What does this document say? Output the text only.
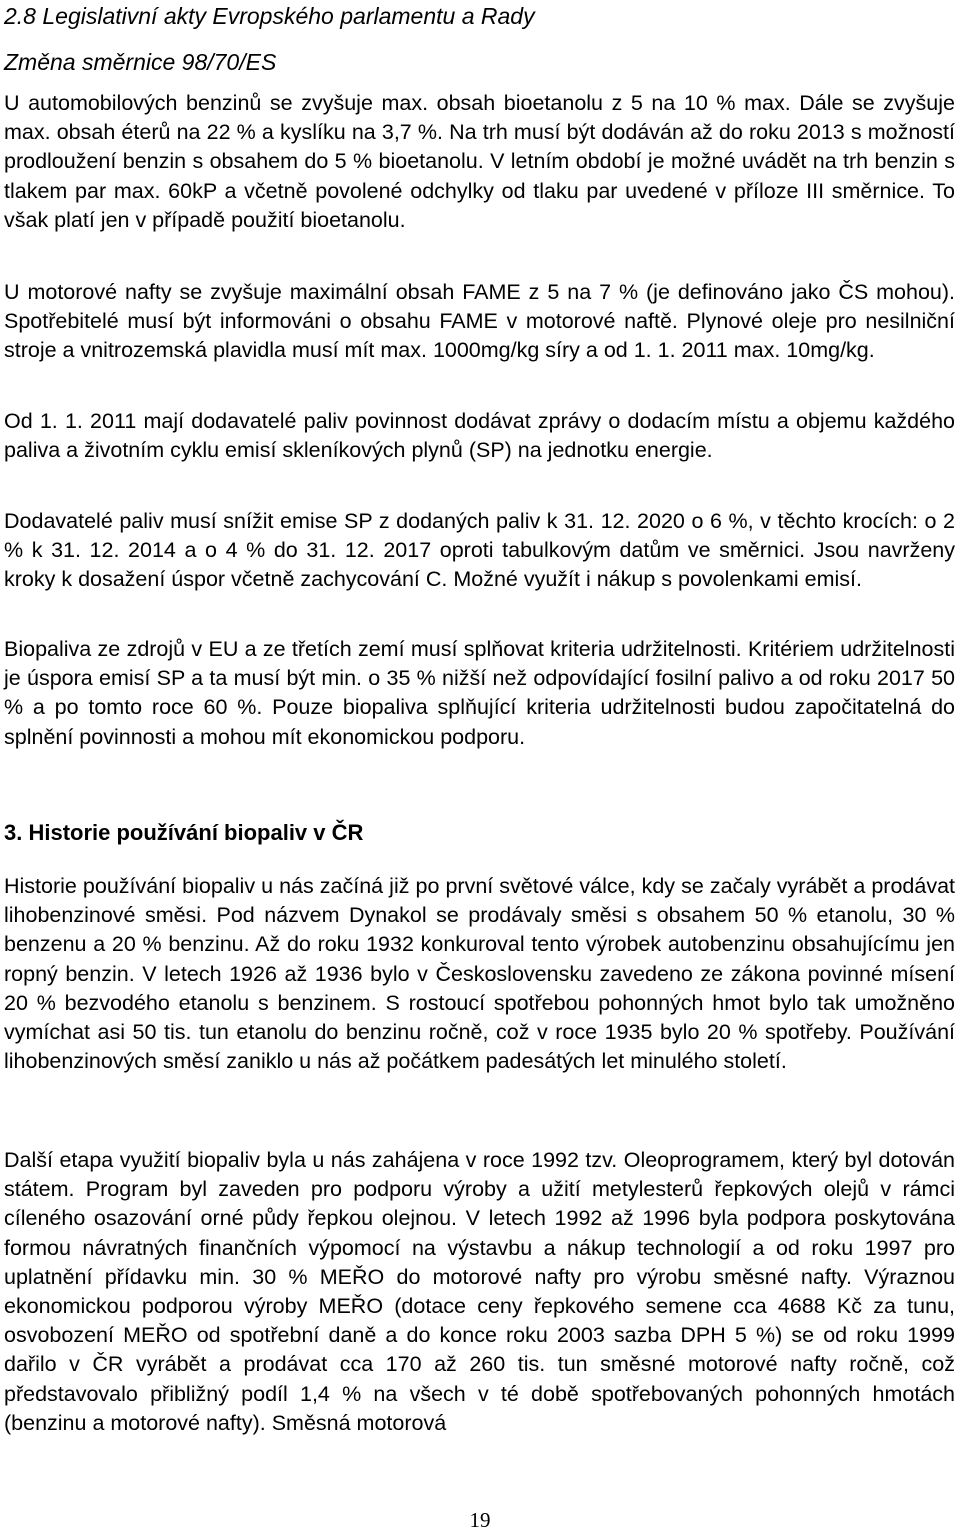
2.8 Legislativní akty Evropského parlamentu a Rady

Změna směrnice 98/70/ES

U automobilových benzinů se zvyšuje max. obsah bioetanolu z 5 na 10 % max. Dále se zvyšuje max. obsah éterů na 22 % a kyslíku na 3,7 %. Na trh musí být dodáván až do roku 2013 s možností prodloužení benzin s obsahem do 5 % bioetanolu. V letním období je možné uvádět na trh benzin s tlakem par max. 60kP a včetně povolené odchylky od tlaku par uvedené v příloze III směrnice. To však platí jen v případě použití bioetanolu.

U motorové nafty se zvyšuje maximální obsah FAME z 5 na 7 % (je definováno jako ČS mohou). Spotřebitelé musí být informováni o obsahu FAME v motorové naftě. Plynové oleje pro nesilniční stroje a vnitrozemská plavidla musí mít max. 1000mg/kg síry a od 1. 1. 2011 max. 10mg/kg.

Od 1. 1. 2011 mají dodavatelé paliv povinnost dodávat zprávy o dodacím místu a objemu každého paliva a životním cyklu emisí skleníkových plynů (SP) na jednotku energie.

Dodavatelé paliv musí snížit emise SP z dodaných paliv k 31. 12. 2020 o 6 %, v těchto krocích: o 2 % k 31. 12. 2014 a o 4 % do 31. 12. 2017 oproti tabulkovým datům ve směrnici. Jsou navrženy kroky k dosažení úspor včetně zachycování C. Možné využít i nákup s povolenkami emisí.

Biopaliva ze zdrojů v EU a ze třetích zemí musí splňovat kriteria udržitelnosti. Kritériem udržitelnosti je úspora emisí SP a ta musí být min. o 35 % nižší než odpovídající fosilní palivo a od roku 2017 50 % a po tomto roce 60 %. Pouze biopaliva splňující kriteria udržitelnosti budou započitatelná do splnění povinnosti a mohou mít ekonomickou podporu.

3. Historie používání biopaliv v ČR

Historie používání biopaliv u nás začíná již po první světové válce, kdy se začaly vyrábět a prodávat lihobenzinové směsi. Pod názvem Dynakol se prodávaly směsi s obsahem 50 % etanolu, 30 % benzenu a 20 % benzinu. Až do roku 1932 konkuroval tento výrobek autobenzinu obsahujícímu jen ropný benzin. V letech 1926 až 1936 bylo v Československu zavedeno ze zákona povinné mísení 20 % bezvodého etanolu s benzinem. S rostoucí spotřebou pohonných hmot bylo tak umožněno vymíchat asi 50 tis. tun etanolu do benzinu ročně, což v roce 1935 bylo 20 % spotřeby. Používání lihobenzinových směsí zaniklo u nás až počátkem padesátých let minulého století.

Další etapa využití biopaliv byla u nás zahájena v roce 1992 tzv. Oleoprogramem, který byl dotován státem. Program byl zaveden pro podporu výroby a užití metylesterů řepkových olejů v rámci cíleného osazování orné půdy řepkou olejnou. V letech 1992 až 1996 byla podpora poskytována formou návratných finančních výpomocí na výstavbu a nákup technologií a od roku 1997 pro uplatnění přídavku min. 30 % MEŘO do motorové nafty pro výrobu směsné nafty. Výraznou ekonomickou podporou výroby MEŘO (dotace ceny řepkového semene cca 4688 Kč za tunu, osvobození MEŘO od spotřební daně a do konce roku 2003 sazba DPH 5 %) se od roku 1999 dařilo v ČR vyrábět a prodávat cca 170 až 260 tis. tun směsné motorové nafty ročně, což představovalo přibližný podíl 1,4 % na všech v té době spotřebovaných pohonných hmotách (benzinu a motorové nafty). Směsná motorová

19
